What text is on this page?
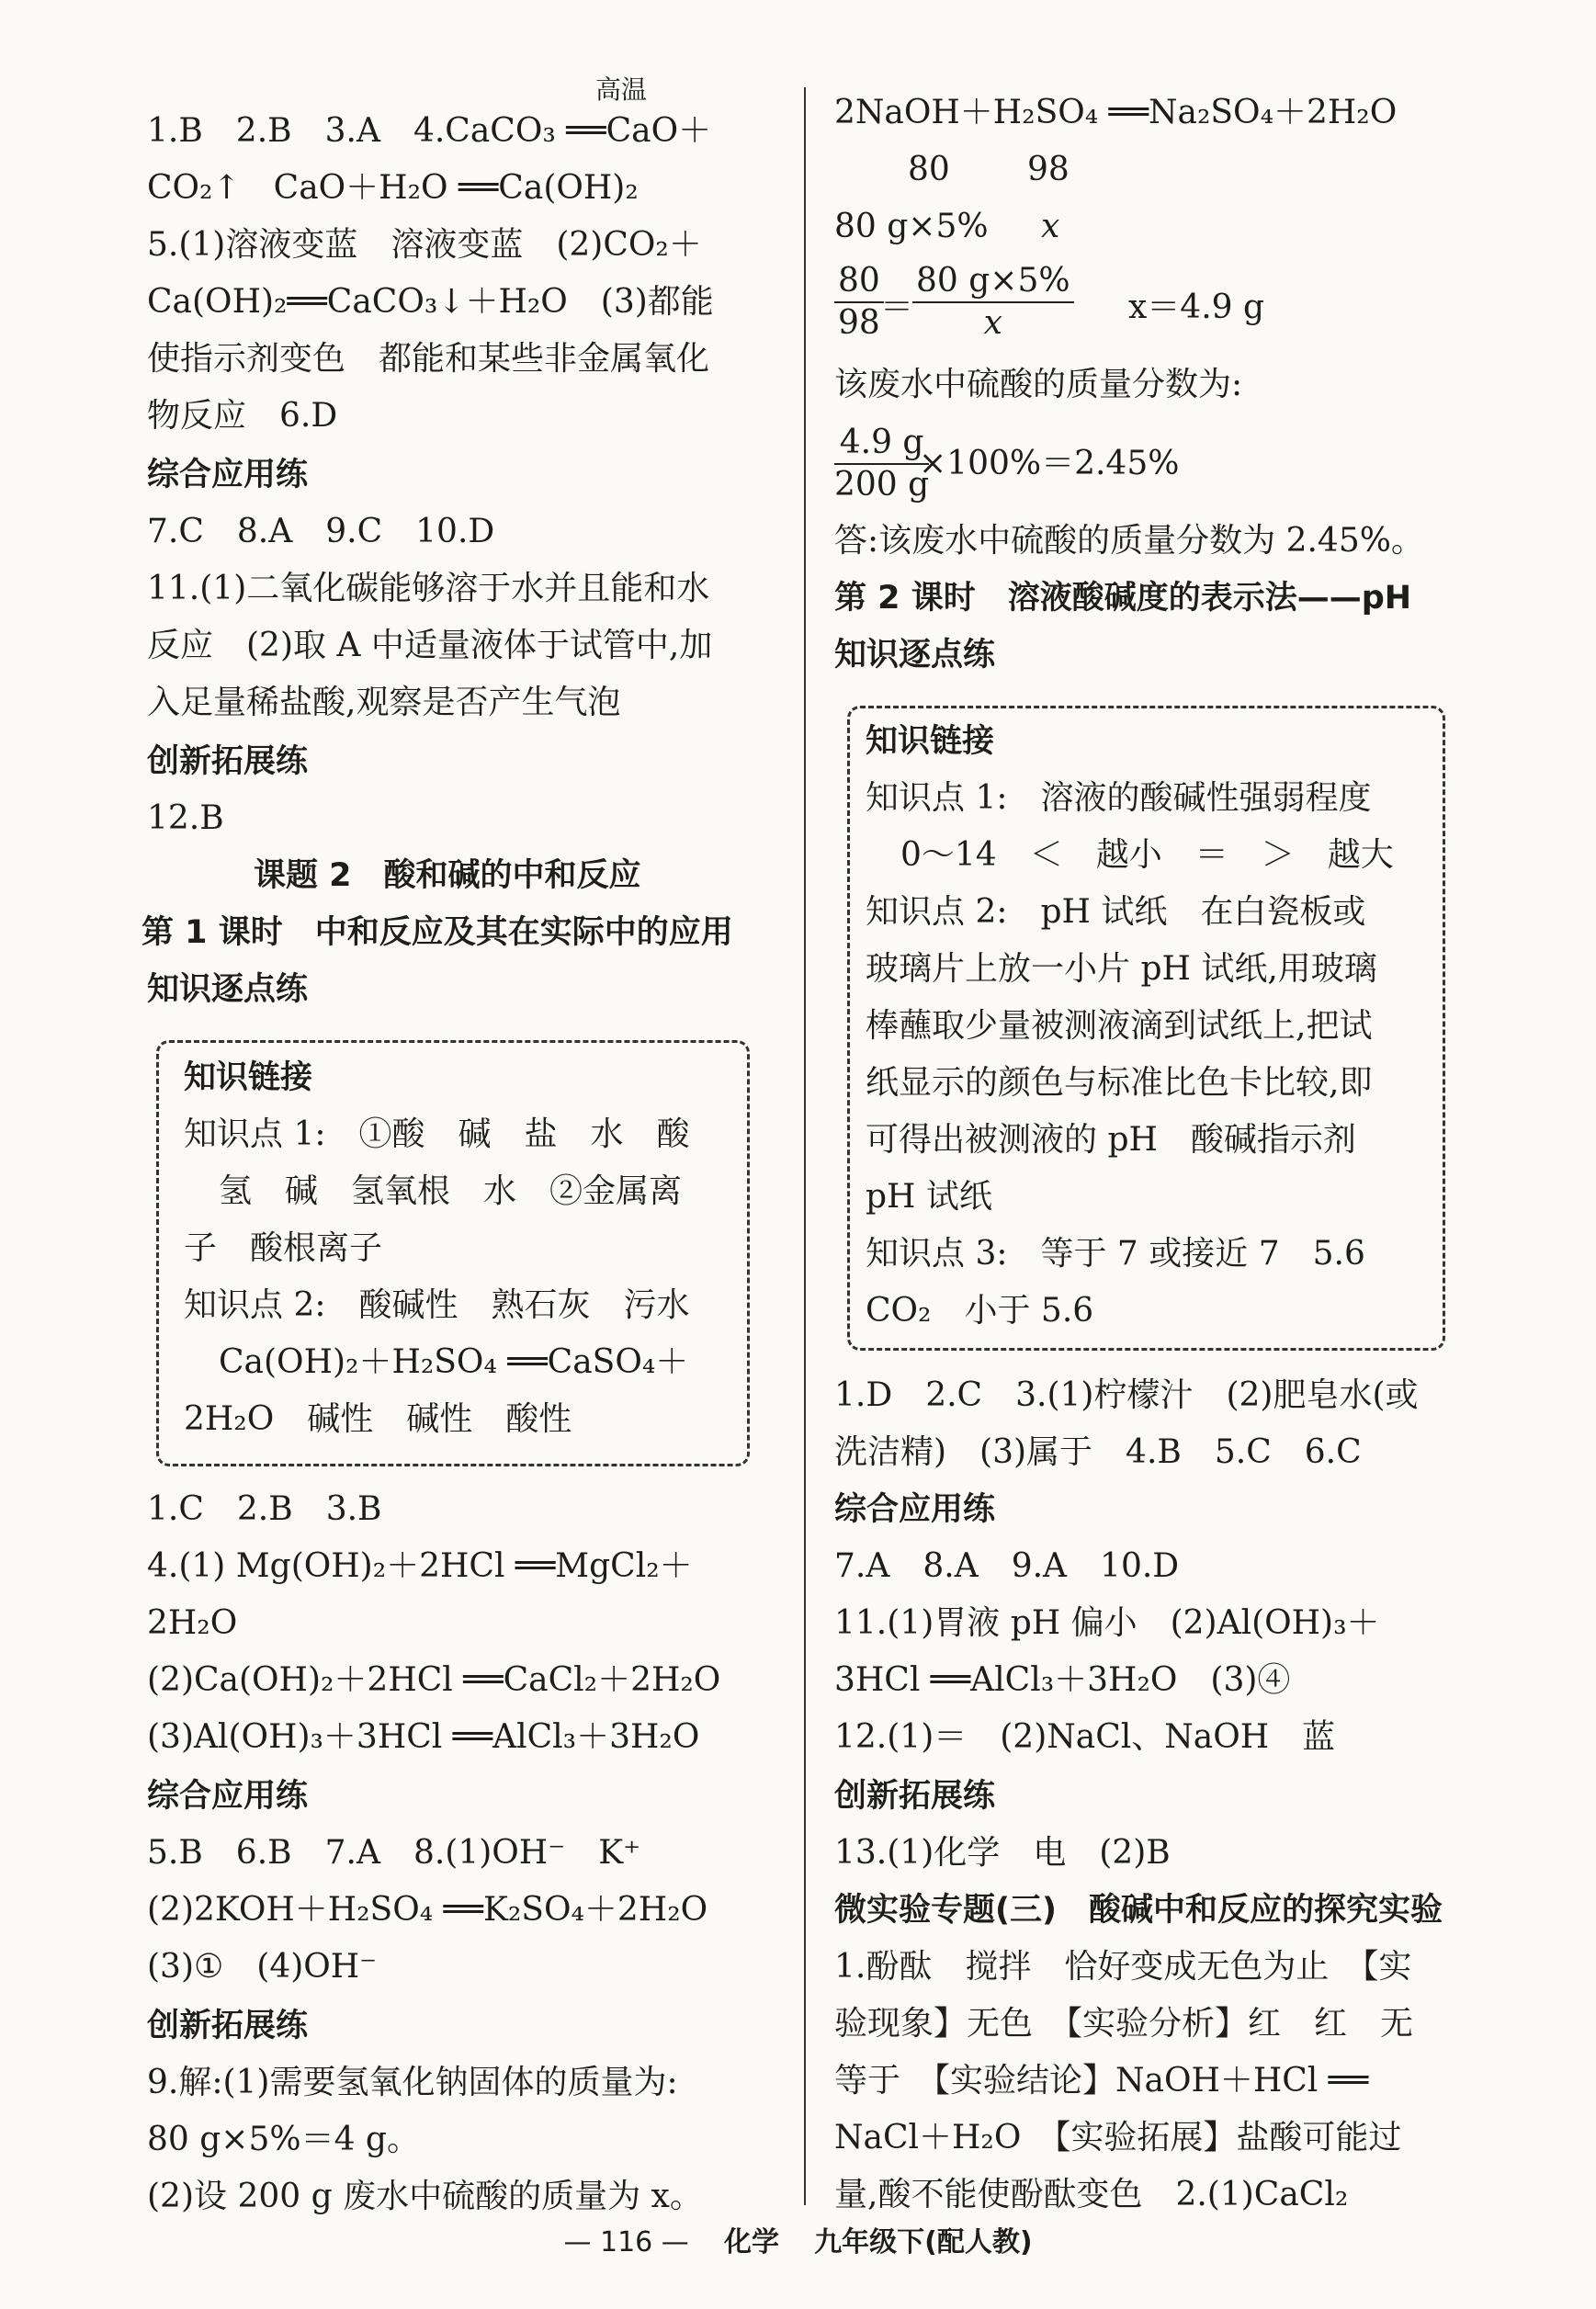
1.B　2.B　3.A　4.CaCO₃ ══CaO＋
高温
CO₂↑　CaO＋H₂O ══Ca(OH)₂
5.(1)溶液变蓝　溶液变蓝　(2)CO₂＋
Ca(OH)₂══CaCO₃↓＋H₂O　(3)都能
使指示剂变色　都能和某些非金属氧化
物反应　6.D
综合应用练
7.C　8.A　9.C　10.D
11.(1)二氧化碳能够溶于水并且能和水
反应　(2)取 A 中适量液体于试管中,加
入足量稀盐酸,观察是否产生气泡
创新拓展练
12.B
课题 2　酸和碱的中和反应
第 1 课时　中和反应及其在实际中的应用
知识逐点练
知识链接
知识点 1:　①酸　碱　盐　水　酸
氢　碱　氢氧根　水　②金属离
子　酸根离子
知识点 2:　酸碱性　熟石灰　污水
Ca(OH)₂＋H₂SO₄ ══CaSO₄＋
2H₂O　碱性　碱性　酸性
1.C　2.B　3.B
4.(1) Mg(OH)₂＋2HCl ══MgCl₂＋
2H₂O
(2)Ca(OH)₂＋2HCl ══CaCl₂＋2H₂O
(3)Al(OH)₃＋3HCl ══AlCl₃＋3H₂O
综合应用练
5.B　6.B　7.A　8.(1)OH⁻　K⁺
(2)2KOH＋H₂SO₄ ══K₂SO₄＋2H₂O
(3)①　(4)OH⁻
创新拓展练
9.解:(1)需要氢氧化钠固体的质量为:
80 g×5%＝4 g。
(2)设 200 g 废水中硫酸的质量为 x。
2NaOH＋H₂SO₄ ══Na₂SO₄＋2H₂O
80 98
80 g×5% x
$\frac{80}{98}$
＝
$\frac{80 g\times 5\%}{x} x=4.9$ g
该废水中硫酸的质量分数为:
$\frac{4.9 g}{200 g}$
×100%＝2.45%
答:该废水中硫酸的质量分数为 2.45%。
第 2 课时　溶液酸碱度的表示法——pH
知识逐点练
知识链接
知识点 1:　溶液的酸碱性强弱程度
0～14　＜　越小　＝　＞　越大
知识点 2:　pH 试纸　在白瓷板或
玻璃片上放一小片 pH 试纸,用玻璃
棒蘸取少量被测液滴到试纸上,把试
纸显示的颜色与标准比色卡比较,即
可得出被测液的 pH　酸碱指示剂
pH 试纸
知识点 3:　等于 7 或接近 7　5.6
CO₂　小于 5.6
1.D　2.C　3.(1)柠檬汁　(2)肥皂水(或
洗洁精)　(3)属于　4.B　5.C　6.C
综合应用练
7.A　8.A　9.A　10.D
11.(1)胃液 pH 偏小　(2)Al(OH)₃＋
3HCl ══AlCl₃＋3H₂O　(3)④
12.(1)＝　(2)NaCl、NaOH　蓝
创新拓展练
13.(1)化学　电　(2)B
微实验专题(三)　酸碱中和反应的探究实验
1.酚酞　搅拌　恰好变成无色为止　【实
验现象】无色　【实验分析】红　红　无
等于　【实验结论】NaOH＋HCl ══
NaCl＋H₂O　【实验拓展】盐酸可能过
量,酸不能使酚酞变色　2.(1)CaCl₂
— 116 — 化学 九年级下(配人教)
